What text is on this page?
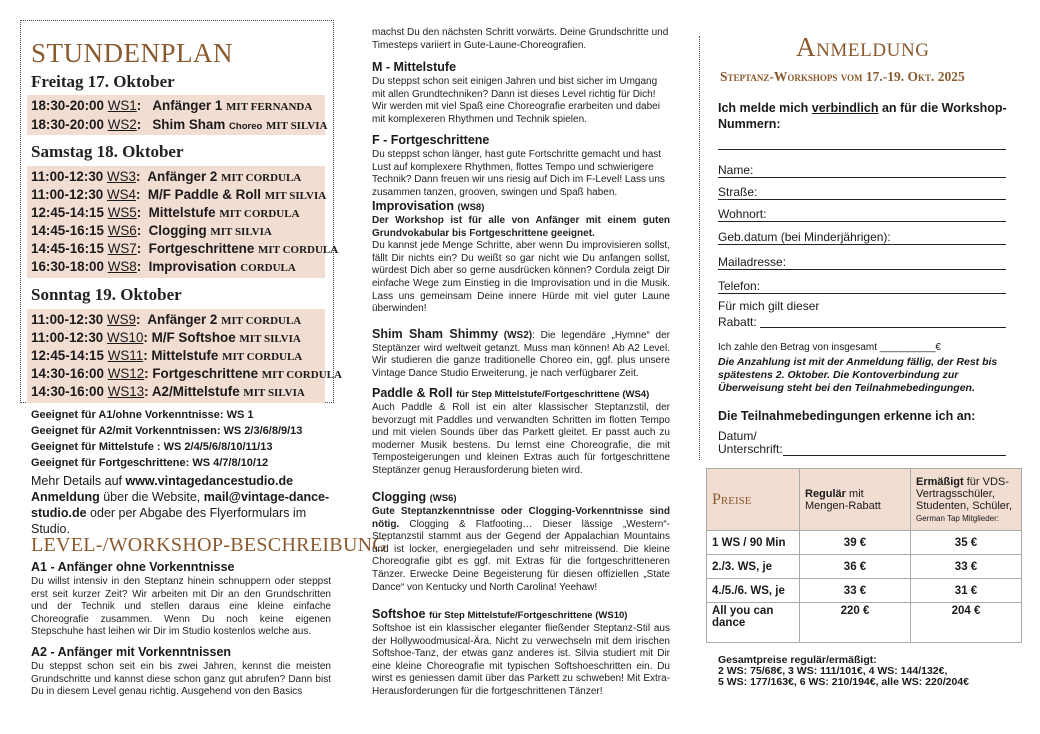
STUNDENPLAN
Freitag 17. Oktober
18:30-20:00 WS1:   Anfänger 1 MIT FERNANDA
18:30-20:00 WS2:   Shim Sham Choreo MIT SILVIA
Samstag 18. Oktober
11:00-12:30 WS3:  Anfänger 2 MIT CORDULA
11:00-12:30 WS4:  M/F Paddle & Roll MIT SILVIA
12:45-14:15 WS5:  Mittelstufe MIT CORDULA
14:45-16:15 WS6:  Clogging MIT SILVIA
14:45-16:15 WS7:  Fortgeschrittene MIT CORDULA
16:30-18:00 WS8:  Improvisation CORDULA
Sonntag 19. Oktober
11:00-12:30 WS9:  Anfänger 2 MIT CORDULA
11:00-12:30 WS10: M/F Softshoe MIT SILVIA
12:45-14:15 WS11: Mittelstufe MIT CORDULA
14:30-16:00 WS12: Fortgeschrittene MIT CORDULA
14:30-16:00 WS13: A2/Mittelstufe MIT SILVIA
Geeignet für A1/ohne Vorkenntnisse: WS 1
Geeignet für A2/mit Vorkenntnissen: WS 2/3/6/8/9/13
Geeignet für Mittelstufe : WS 2/4/5/6/8/10/11/13
Geeignet für Fortgeschrittene: WS 4/7/8/10/12
Mehr Details auf www.vintagedancestudio.de
Anmeldung über die Website, mail@vintage-dance-studio.de oder per Abgabe des Flyerformulars im Studio.
LEVEL-/WORKSHOP-BESCHREIBUNG
A1 - Anfänger ohne Vorkenntnisse
Du willst intensiv in den Steptanz hinein schnuppern oder steppst erst seit kurzer Zeit? Wir arbeiten mit Dir an den Grundschritten und der Technik und stellen daraus eine kleine einfache Choreografie zusammen. Wenn Du noch keine eigenen Stepschuhe hast leihen wir Dir im Studio kostenlos welche aus.
A2 - Anfänger mit Vorkenntnissen
Du steppst schon seit ein bis zwei Jahren, kennst die meisten Grundschritte und kannst diese schon ganz gut abrufen? Dann bist Du in diesem Level genau richtig. Ausgehend von den Basics
machst Du den nächsten Schritt vorwärts. Deine Grundschritte und Timesteps variiert in Gute-Laune-Choreografien.
M - Mittelstufe
Du steppst schon seit einigen Jahren und bist sicher im Umgang mit allen Grundtechniken? Dann ist dieses Level richtig für Dich! Wir werden mit viel Spaß eine Choreografie erarbeiten und dabei mit komplexeren Rhythmen und Technik spielen.
F - Fortgeschrittene
Du steppst schon länger, hast gute Fortschritte gemacht und hast Lust auf komplexere Rhythmen, flottes Tempo und schwierigere Technik? Dann freuen wir uns riesig auf Dich im F-Level! Lass uns zusammen tanzen, grooven, swingen und Spaß haben.
Improvisation (WS8)
Der Workshop ist für alle von Anfänger mit einem guten Grundvokabular bis Fortgeschrittene geeignet.
Du kannst jede Menge Schritte, aber wenn Du improvisieren sollst, fällt Dir nichts ein? Du weißt so gar nicht wie Du anfangen sollst, würdest Dich aber so gerne ausdrücken können? Cordula zeigt Dir einfache Wege zum Einstieg in die Improvisation und in die Musik. Lass uns gemeinsam Deine innere Hürde mit viel guter Laune überwinden!
Shim Sham Shimmy (WS2): Die legendäre „Hymne“ der Steptänzer wird weltweit getanzt. Muss man können! Ab A2 Level. Wir studieren die ganze traditionelle Choreo ein, ggf. plus unsere Vintage Dance Studio Erweiterung, je nach verfügbarer Zeit.
Paddle & Roll für Step Mittelstufe/Fortgeschrittene (WS4)
Auch Paddle & Roll ist ein alter klassischer Steptanzstil, der bevorzugt mit Paddles und verwandten Schritten im flotten Tempo und mit vielen Sounds über das Parkett gleitet. Er passt auch zu moderner Musik bestens. Du lernst eine Choreografie, die mit Temposteigerungen und kleinen Extras auch für fortgeschrittene Steptänzer genug Herausforderung bieten wird.
Clogging (WS6)
Gute Steptanzkenntnisse oder Clogging-Vorkenntnisse sind nötig. Clogging & Flatfooting… Dieser lässige „Western“-Steptanzstil stammt aus der Gegend der Appalachian Mountains und ist locker, energiegeladen und sehr mitreissend. Die kleine Choreografie gibt es ggf. mit Extras für die fortgeschritteneren Tänzer. Erwecke Deine Begeisterung für diesen offiziellen „State Dance“ von Kentucky und North Carolina! Yeehaw!
Softshoe für Step Mittelstufe/Fortgeschrittene (WS10)
Softshoe ist ein klassischer eleganter fließender Steptanz-Stil aus der Hollywoodmusical-Ära. Nicht zu verwechseln mit dem irischen Softshoe-Tanz, der etwas ganz anderes ist. Silvia studiert mit Dir eine kleine Choreografie mit typischen Softshoeschritten ein. Du wirst es geniessen damit über das Parkett zu schweben! Mit Extra-Herausforderungen für die fortgeschrittenen Tänzer!
Anmeldung
Steptanz-Workshops vom 17.-19. Okt. 2025
Ich melde mich verbindlich an für die Workshop-Nummern:
Name:
Straße:
Wohnort:
Geb.datum (bei Minderjährigen):
Mailadresse:
Telefon:
Für mich gilt dieser
Rabatt:
Ich zahle den Betrag von insgesamt __________€
Die Anzahlung ist mit der Anmeldung fällig, der Rest bis spätestens 2. Oktober. Die Kontoverbindung zur Überweisung steht bei den Teilnahmebedingungen.
Die Teilnahmebedingungen erkenne ich an:
Datum/
Unterschrift:
Preise	Regulär mit Mengen-Rabatt	Ermäßigt für VDS-Vertragsschüler, Studenten, Schüler,
German Tap Mitglieder:
1 WS / 90 Min	39 €	35 €
2./3. WS, je	36 €	33 €
4./5./6. WS, je	33 €	31 €
All you can dance	220 €	204 €
Gesamtpreise regulär/ermäßigt:
2 WS: 75/68€, 3 WS: 111/101€, 4 WS: 144/132€,
5 WS: 177/163€, 6 WS: 210/194€, alle WS: 220/204€
